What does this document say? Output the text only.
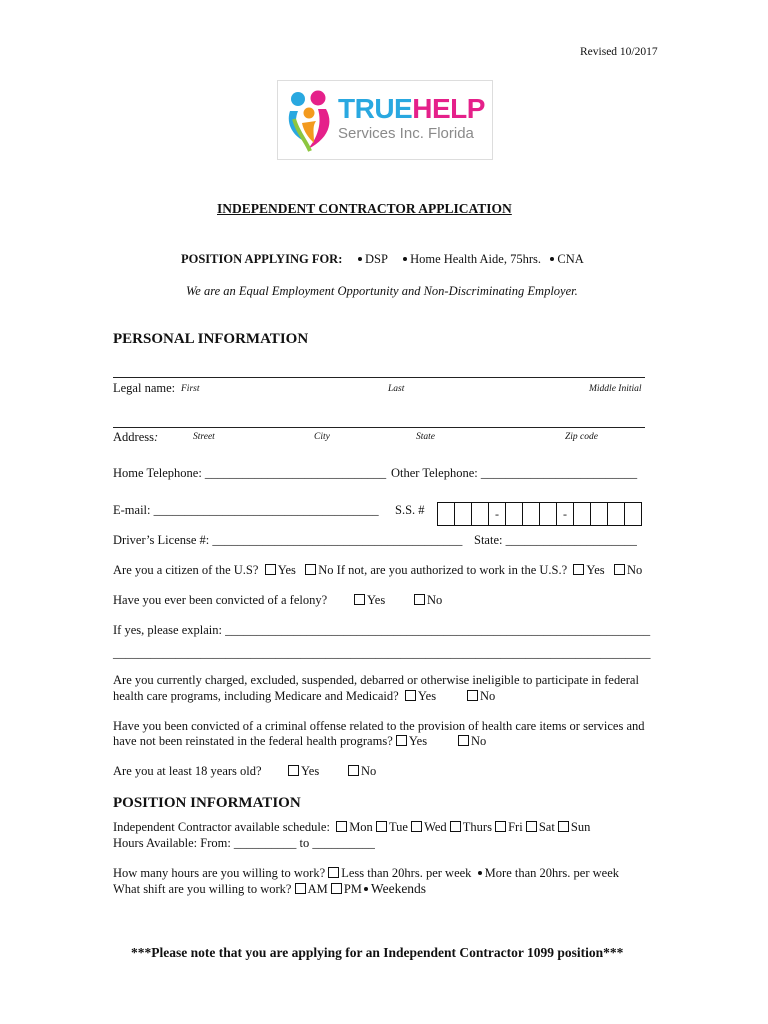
Revised 10/2017
TRUEHELP
Services Inc. Florida
INDEPENDENT CONTRACTOR APPLICATION
POSITION APPLYING FOR: DSP Home Health Aide, 75hrs. CNA
We are an Equal Employment Opportunity and Non-Discriminating Employer.
PERSONAL INFORMATION
Legal name: First	Last	Middle Initial
Address:	Street	City	State	Zip code
Home Telephone: _____________________________ Other Telephone: _________________________
E-mail: ____________________________________ S.S. #	-	-
Driver’s License #: ________________________________________ State: _____________________
Are you a citizen of the U.S? Yes No If not, are you authorized to work in the U.S.? Yes No
Have you ever been convicted of a felony?	Yes	No
If yes, please explain: ____________________________________________________________________
______________________________________________________________________________________
Are you currently charged, excluded, suspended, debarred or otherwise ineligible to participate in federal
health care programs, including Medicare and Medicaid? Yes	No
Have you been convicted of a criminal offense related to the provision of health care items or services and
have not been reinstated in the federal health programs? Yes	No
Are you at least 18 years old?	Yes	No
POSITION INFORMATION
Independent Contractor available schedule: Mon Tue Wed Thurs Fri Sat Sun
Hours Available: From: __________ to __________
How many hours are you willing to work? Less than 20hrs. per week More than 20hrs. per week
What shift are you willing to work? AM PM Weekends
***Please note that you are applying for an Independent Contractor 1099 position***
